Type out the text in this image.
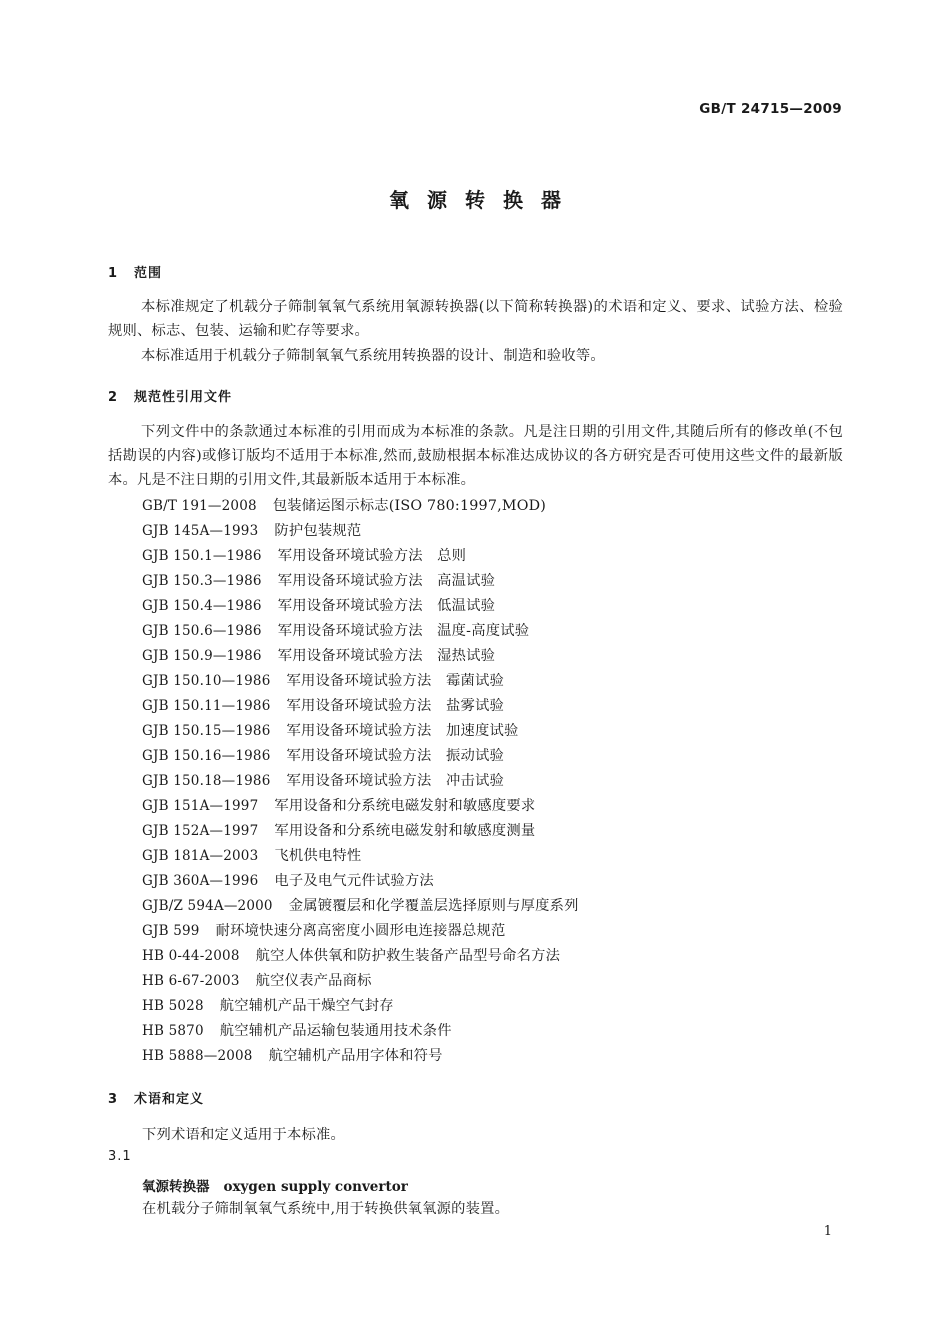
GB/T 24715—2009
氧源转换器
1 范围

本标准规定了机载分子筛制氧氧气系统用氧源转换器(以下简称转换器)的术语和定义、要求、试验方法、检验规则、标志、包装、运输和贮存等要求。

本标准适用于机载分子筛制氧氧气系统用转换器的设计、制造和验收等。

2 规范性引用文件

下列文件中的条款通过本标准的引用而成为本标准的条款。凡是注日期的引用文件,其随后所有的修改单(不包括勘误的内容)或修订版均不适用于本标准,然而,鼓励根据本标准达成协议的各方研究是否可使用这些文件的最新版本。凡是不注日期的引用文件,其最新版本适用于本标准。

GB/T 191—2008 包装储运图示标志(ISO 780:1997,MOD)
GJB 145A—1993 防护包装规范
GJB 150.1—1986 军用设备环境试验方法　总则
GJB 150.3—1986 军用设备环境试验方法　高温试验
GJB 150.4—1986 军用设备环境试验方法　低温试验
GJB 150.6—1986 军用设备环境试验方法　温度-高度试验
GJB 150.9—1986 军用设备环境试验方法　湿热试验
GJB 150.10—1986 军用设备环境试验方法　霉菌试验
GJB 150.11—1986 军用设备环境试验方法　盐雾试验
GJB 150.15—1986 军用设备环境试验方法　加速度试验
GJB 150.16—1986 军用设备环境试验方法　振动试验
GJB 150.18—1986 军用设备环境试验方法　冲击试验
GJB 151A—1997 军用设备和分系统电磁发射和敏感度要求
GJB 152A—1997 军用设备和分系统电磁发射和敏感度测量
GJB 181A—2003 飞机供电特性
GJB 360A—1996 电子及电气元件试验方法
GJB/Z 594A—2000 金属镀覆层和化学覆盖层选择原则与厚度系列
GJB 599 耐环境快速分离高密度小圆形电连接器总规范
HB 0-44-2008 航空人体供氧和防护救生装备产品型号命名方法
HB 6-67-2003 航空仪表产品商标
HB 5028 航空辅机产品干燥空气封存
HB 5870 航空辅机产品运输包装通用技术条件
HB 5888—2008 航空辅机产品用字体和符号
3 术语和定义
下列术语和定义适用于本标准。
3.1
氧源转换器 oxygen supply convertor
在机载分子筛制氧氧气系统中,用于转换供氧氧源的装置。
1
